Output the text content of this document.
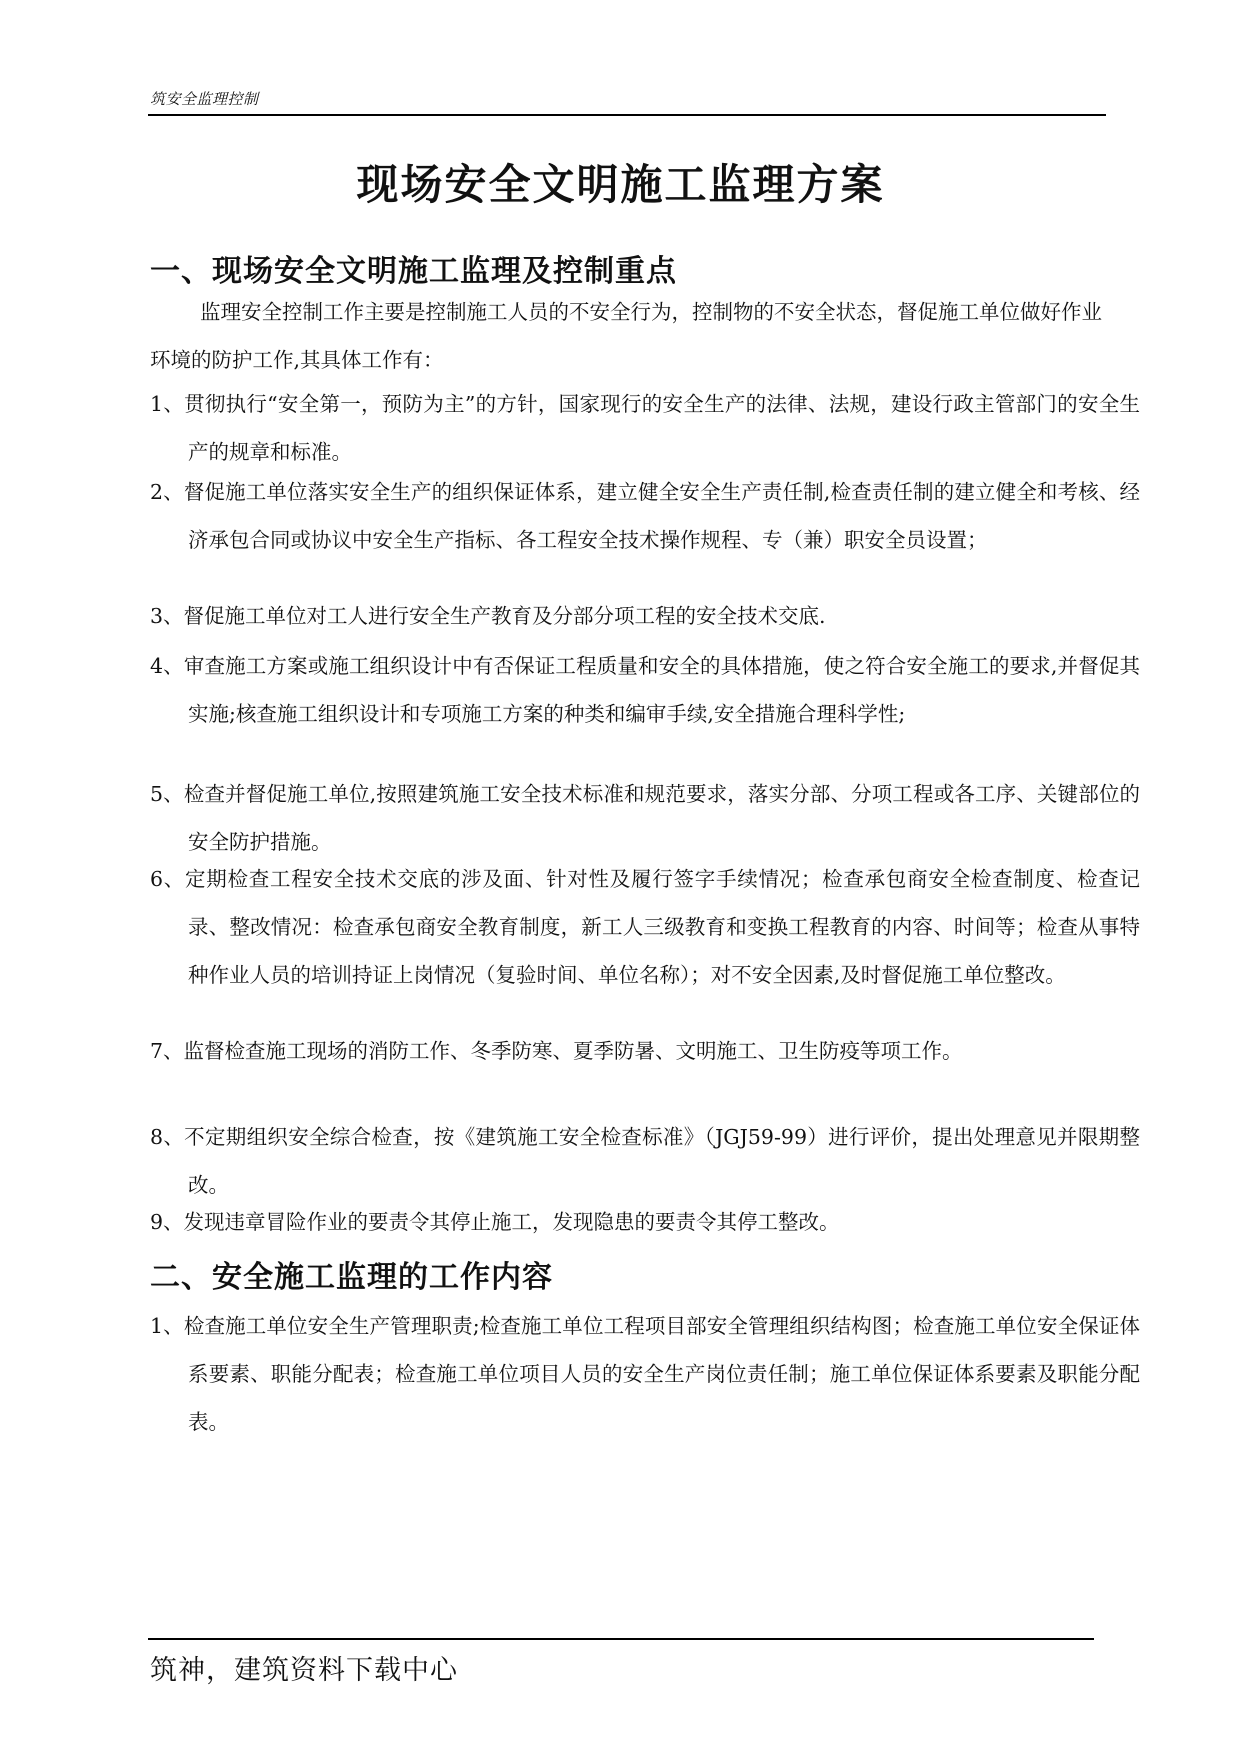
筑安全监理控制
现场安全文明施工监理方案
一、现场安全文明施工监理及控制重点

监理安全控制工作主要是控制施工人员的不安全行为，控制物的不安全状态，督促施工单位做好作业环境的防护工作,其具体工作有：

1、贯彻执行“安全第一，预防为主”的方针，国家现行的安全生产的法律、法规，建设行政主管部门的安全生产的规章和标准。

2、督促施工单位落实安全生产的组织保证体系，建立健全安全生产责任制,检查责任制的建立健全和考核、经济承包合同或协议中安全生产指标、各工程安全技术操作规程、专（兼）职安全员设置；

3、督促施工单位对工人进行安全生产教育及分部分项工程的安全技术交底.

4、审查施工方案或施工组织设计中有否保证工程质量和安全的具体措施，使之符合安全施工的要求,并督促其实施;核查施工组织设计和专项施工方案的种类和编审手续,安全措施合理科学性;

5、检查并督促施工单位,按照建筑施工安全技术标准和规范要求，落实分部、分项工程或各工序、关键部位的安全防护措施。

6、定期检查工程安全技术交底的涉及面、针对性及履行签字手续情况；检查承包商安全检查制度、检查记录、整改情况：检查承包商安全教育制度，新工人三级教育和变换工程教育的内容、时间等；检查从事特种作业人员的培训持证上岗情况（复验时间、单位名称）；对不安全因素,及时督促施工单位整改。

7、监督检查施工现场的消防工作、冬季防寒、夏季防暑、文明施工、卫生防疫等项工作。

8、不定期组织安全综合检查，按《建筑施工安全检查标准》（JGJ59-99）进行评价，提出处理意见并限期整改。

9、发现违章冒险作业的要责令其停止施工，发现隐患的要责令其停工整改。

二、安全施工监理的工作内容

1、检查施工单位安全生产管理职责;检查施工单位工程项目部安全管理组织结构图；检查施工单位安全保证体系要素、职能分配表；检查施工单位项目人员的安全生产岗位责任制；施工单位保证体系要素及职能分配表。

筑神，建筑资料下载中心
